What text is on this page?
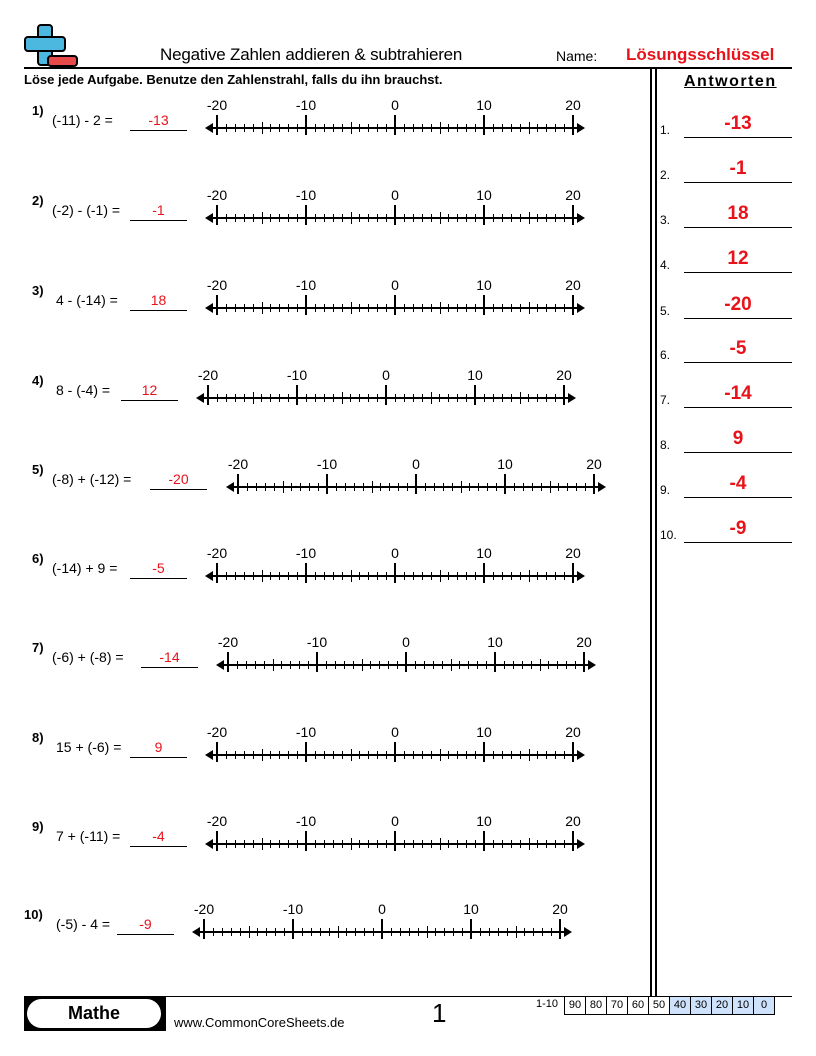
Negative Zahlen addieren & subtrahieren	Name: Lösungsschlüssel
Löse jede Aufgabe. Benutze den Zahlenstrahl, falls du ihn brauchst.	Antworten
1)
(-11) - 2 =	-13
-20	-10	0	10	20
2)
(-2) - (-1) =	-1
-20	-10	0	10	20
3)
4 - (-14) =	18
-20	-10	0	10	20
4)
8 - (-4) =	12
-20	-10	0	10	20
5)
(-8) + (-12) =	-20
-20	-10	0	10	20
6)
(-14) + 9 =	-5
-20	-10	0	10	20
7)
(-6) + (-8) =	-14
-20	-10	0	10	20
8)
15 + (-6) =	9
-20	-10	0	10	20
9)
7 + (-11) =	-4
-20	-10	0	10	20
10)
(-5) - 4 =	-9
-20	-10	0	10	20
1.	-13
2.	-1
3.	18
4.	12
5.	-20
6.	-5
7.	-14
8.	9
9.	-4
10.	-9
Mathe	www.CommonCoreSheets.de	1	1-10 90 80 70 60 50 40 30 20 10	0
